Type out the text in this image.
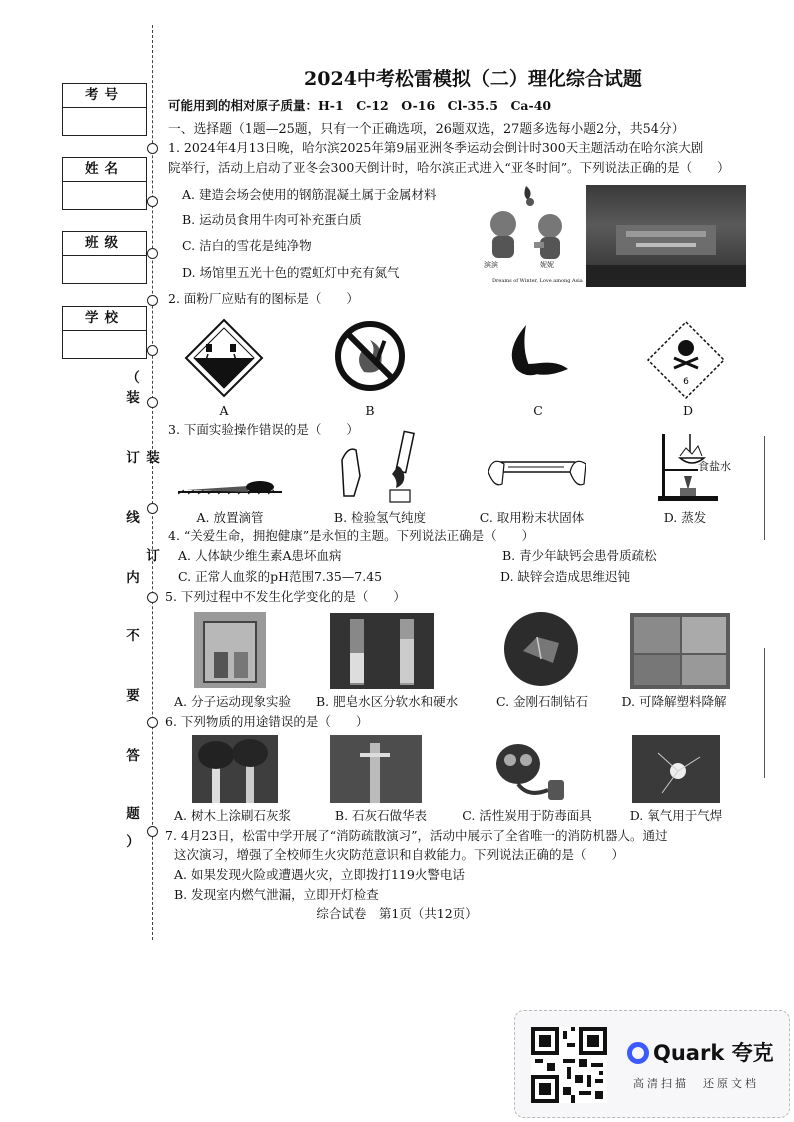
考号
姓名
班级
学校
（
装
订
线
内
不
要
答
题
）
装
订
2024中考松雷模拟（二）理化综合试题
可能用到的相对原子质量：H-1　C-12　O-16　Cl-35.5　Ca-40
一、选择题（1题—25题，只有一个正确选项，26题双选，27题多选每小题2分，共54分）
1. 2024年4月13日晚，哈尔滨2025年第9届亚洲冬季运动会倒计时300天主题活动在哈尔滨大剧
院举行，活动上启动了亚冬会300天倒计时，哈尔滨正式进入“亚冬时间”。下列说法正确的是（　　）
A. 建造会场会使用的钢筋混凝土属于金属材料
B. 运动员食用牛肉可补充蛋白质
C. 洁白的雪花是纯净物
D. 场馆里五光十色的霓虹灯中充有氮气	滨滨	妮妮
Dreams of Winter, Love among Asia
2. 面粉厂应贴有的图标是（　　）
A	B	C
6
D
3. 下面实验操作错误的是（　　）
A. 放置滴管	B. 检验氢气纯度	C. 取用粉末状固体
食盐水
D. 蒸发
4. “关爱生命，拥抱健康”是永恒的主题。下列说法正确是（　　）
A. 人体缺少维生素A患坏血病	B. 青少年缺钙会患骨质疏松
C. 正常人血浆的pH范围7.35—7.45	D. 缺锌会造成思维迟钝
5. 下列过程中不发生化学变化的是（　　）
A. 分子运动现象实验 B. 肥皂水区分软水和硬水	C. 金刚石制钻石	D. 可降解塑料降解
6. 下列物质的用途错误的是（　　）
A. 树木上涂刷石灰浆	B. 石灰石做华表	C. 活性炭用于防毒面具	D. 氧气用于气焊
7. 4月23日，松雷中学开展了“消防疏散演习”，活动中展示了全省唯一的消防机器人。通过
这次演习，增强了全校师生火灾防范意识和自救能力。下列说法正确的是（　　）
A. 如果发现火险或遭遇火灾，立即拨打119火警电话
B. 发现室内燃气泄漏，立即开灯检查
综合试卷　第1页（共12页）
Quark 夸克
高清扫描　还原文档
